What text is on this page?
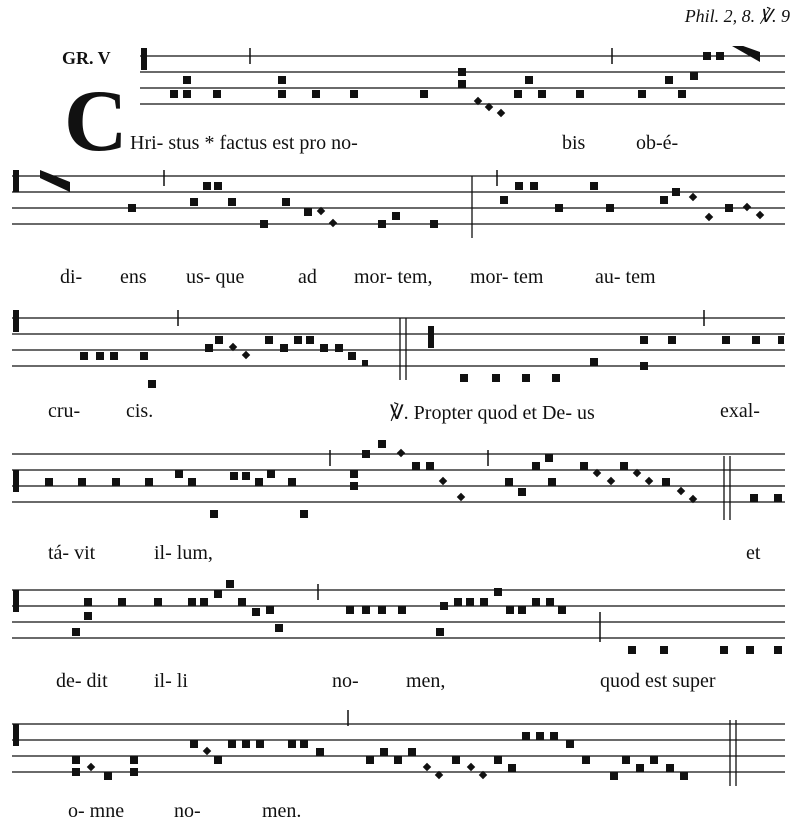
Phil. 2, 8. ℣. 9
GR. V
C Hri- stus * factus est pro no-	bis	ob-é-
di- ens us- que	ad mor- tem, mor- tem	au- tem
cru- cis.	℣. Propter quod et De- us	exal-
tá- vit	il- lum,	et
de- dit il- li	no- men,	quod est super
o- mne no-	men.
